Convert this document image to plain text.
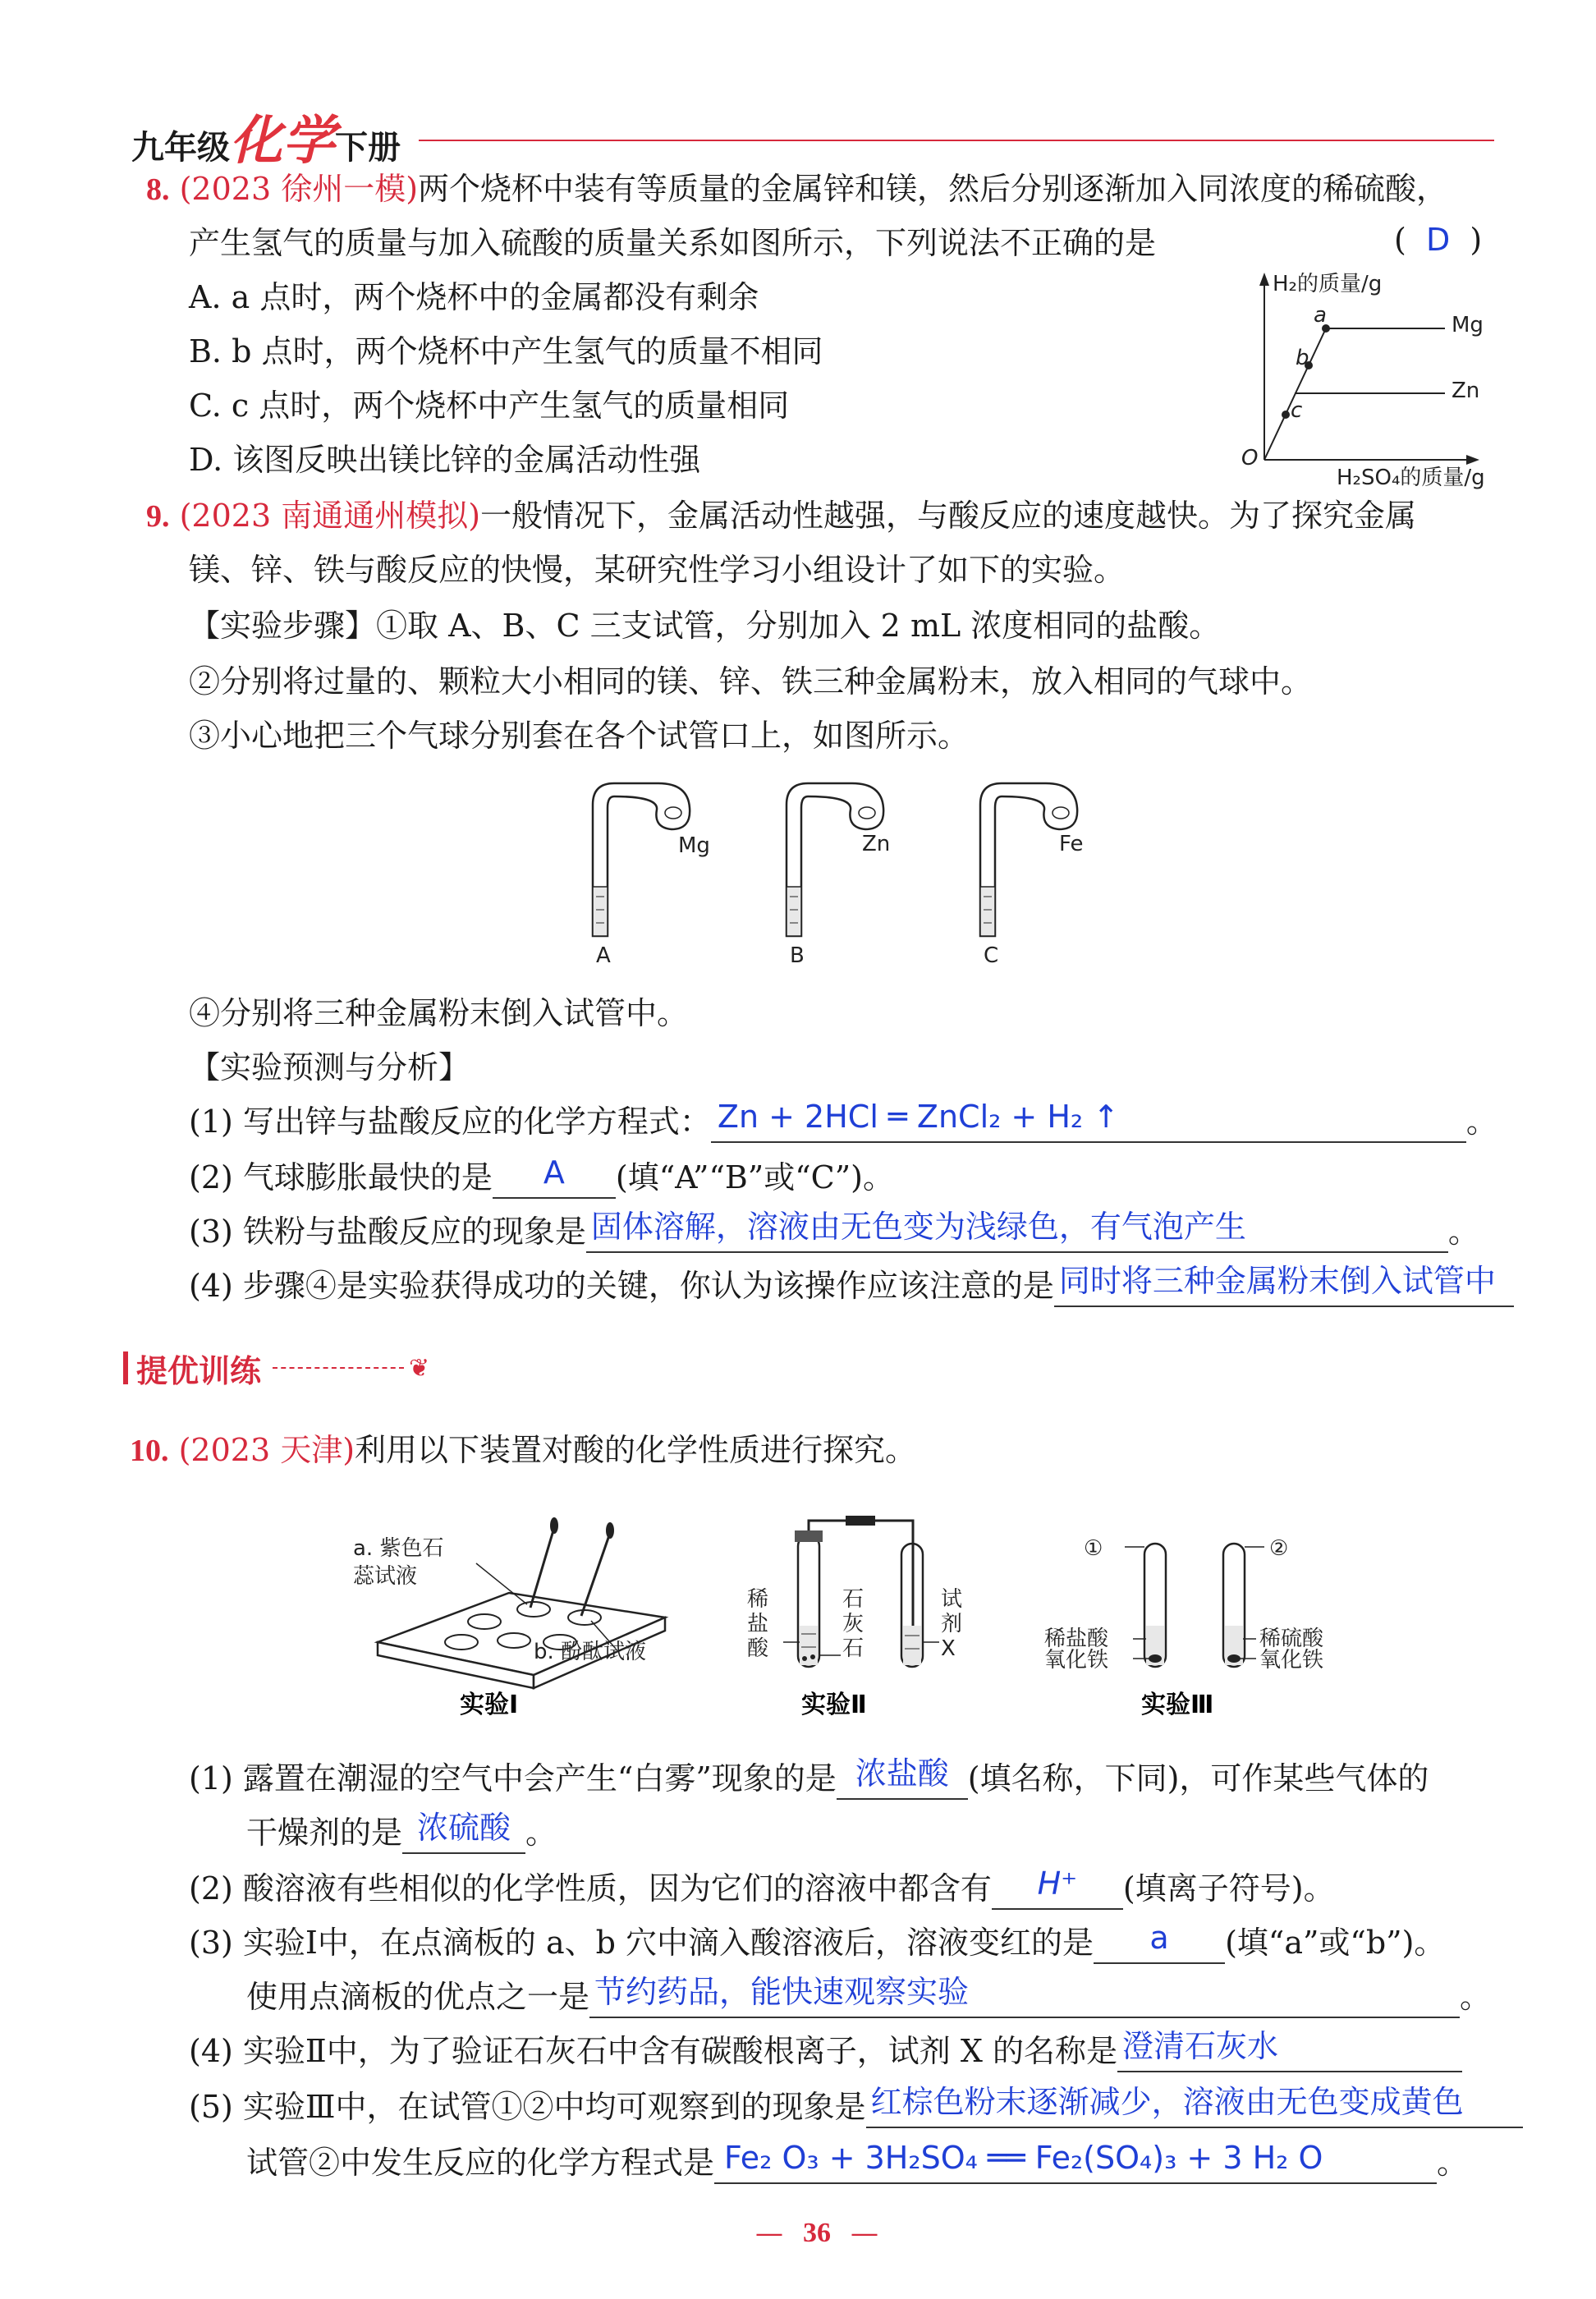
九年级化学下册
8. (2023 徐州一模)两个烧杯中装有等质量的金属锌和镁，然后分别逐渐加入同浓度的稀硫酸，
产生氢气的质量与加入硫酸的质量关系如图所示，下列说法不正确的是	(  D  )
A. a 点时，两个烧杯中的金属都没有剩余
B. b 点时，两个烧杯中产生氢气的质量不相同
C. c 点时，两个烧杯中产生氢气的质量相同
D. 该图反映出镁比锌的金属活动性强
H₂的质量/g
O
H₂SO₄的质量/g
a
b
c
Mg
Zn
9. (2023 南通通州模拟)一般情况下，金属活动性越强，与酸反应的速度越快。为了探究金属
镁、锌、铁与酸反应的快慢，某研究性学习小组设计了如下的实验。
【实验步骤】①取 A、B、C 三支试管，分别加入 2 mL 浓度相同的盐酸。
②分别将过量的、颗粒大小相同的镁、锌、铁三种金属粉末，放入相同的气球中。
③小心地把三个气球分别套在各个试管口上，如图所示。
Mg
A
Zn
B
Fe
C
④分别将三种金属粉末倒入试管中。
【实验预测与分析】
(1) 写出锌与盐酸反应的化学方程式： Zn + 2HCl ═ ZnCl₂ + H₂ ↑	。
(2) 气球膨胀最快的是 A (填“A”“B”或“C”)。
(3) 铁粉与盐酸反应的现象是 固体溶解，溶液由无色变为浅绿色，有气泡产生	。
(4) 步骤④是实验获得成功的关键，你认为该操作应该注意的是 同时将三种金属粉末倒入试管中
提优训练	❦
10. (2023 天津)利用以下装置对酸的化学性质进行探究。
a. 紫色石
蕊试液
b. 酚酞试液
实验Ⅰ
稀
盐
酸
石
灰
石
试
剂
X
实验Ⅱ
①	②
稀盐酸
氧化铁
稀硫酸
氧化铁
实验Ⅲ
(1) 露置在潮湿的空气中会产生“白雾”现象的是 浓盐酸 (填名称，下同)，可作某些气体的
干燥剂的是 浓硫酸 。
(2) 酸溶液有些相似的化学性质，因为它们的溶液中都含有 H⁺ (填离子符号)。
(3) 实验Ⅰ中，在点滴板的 a、b 穴中滴入酸溶液后，溶液变红的是 a (填“a”或“b”)。
使用点滴板的优点之一是 节约药品，能快速观察实验	。
(4) 实验Ⅱ中，为了验证石灰石中含有碳酸根离子，试剂 X 的名称是 澄清石灰水
(5) 实验Ⅲ中，在试管①②中均可观察到的现象是 红棕色粉末逐渐减少，溶液由无色变成黄色
试管②中发生反应的化学方程式是 Fe₂ O₃ + 3H₂SO₄ ══ Fe₂(SO₄)₃ + 3 H₂ O	。
— 36 —
